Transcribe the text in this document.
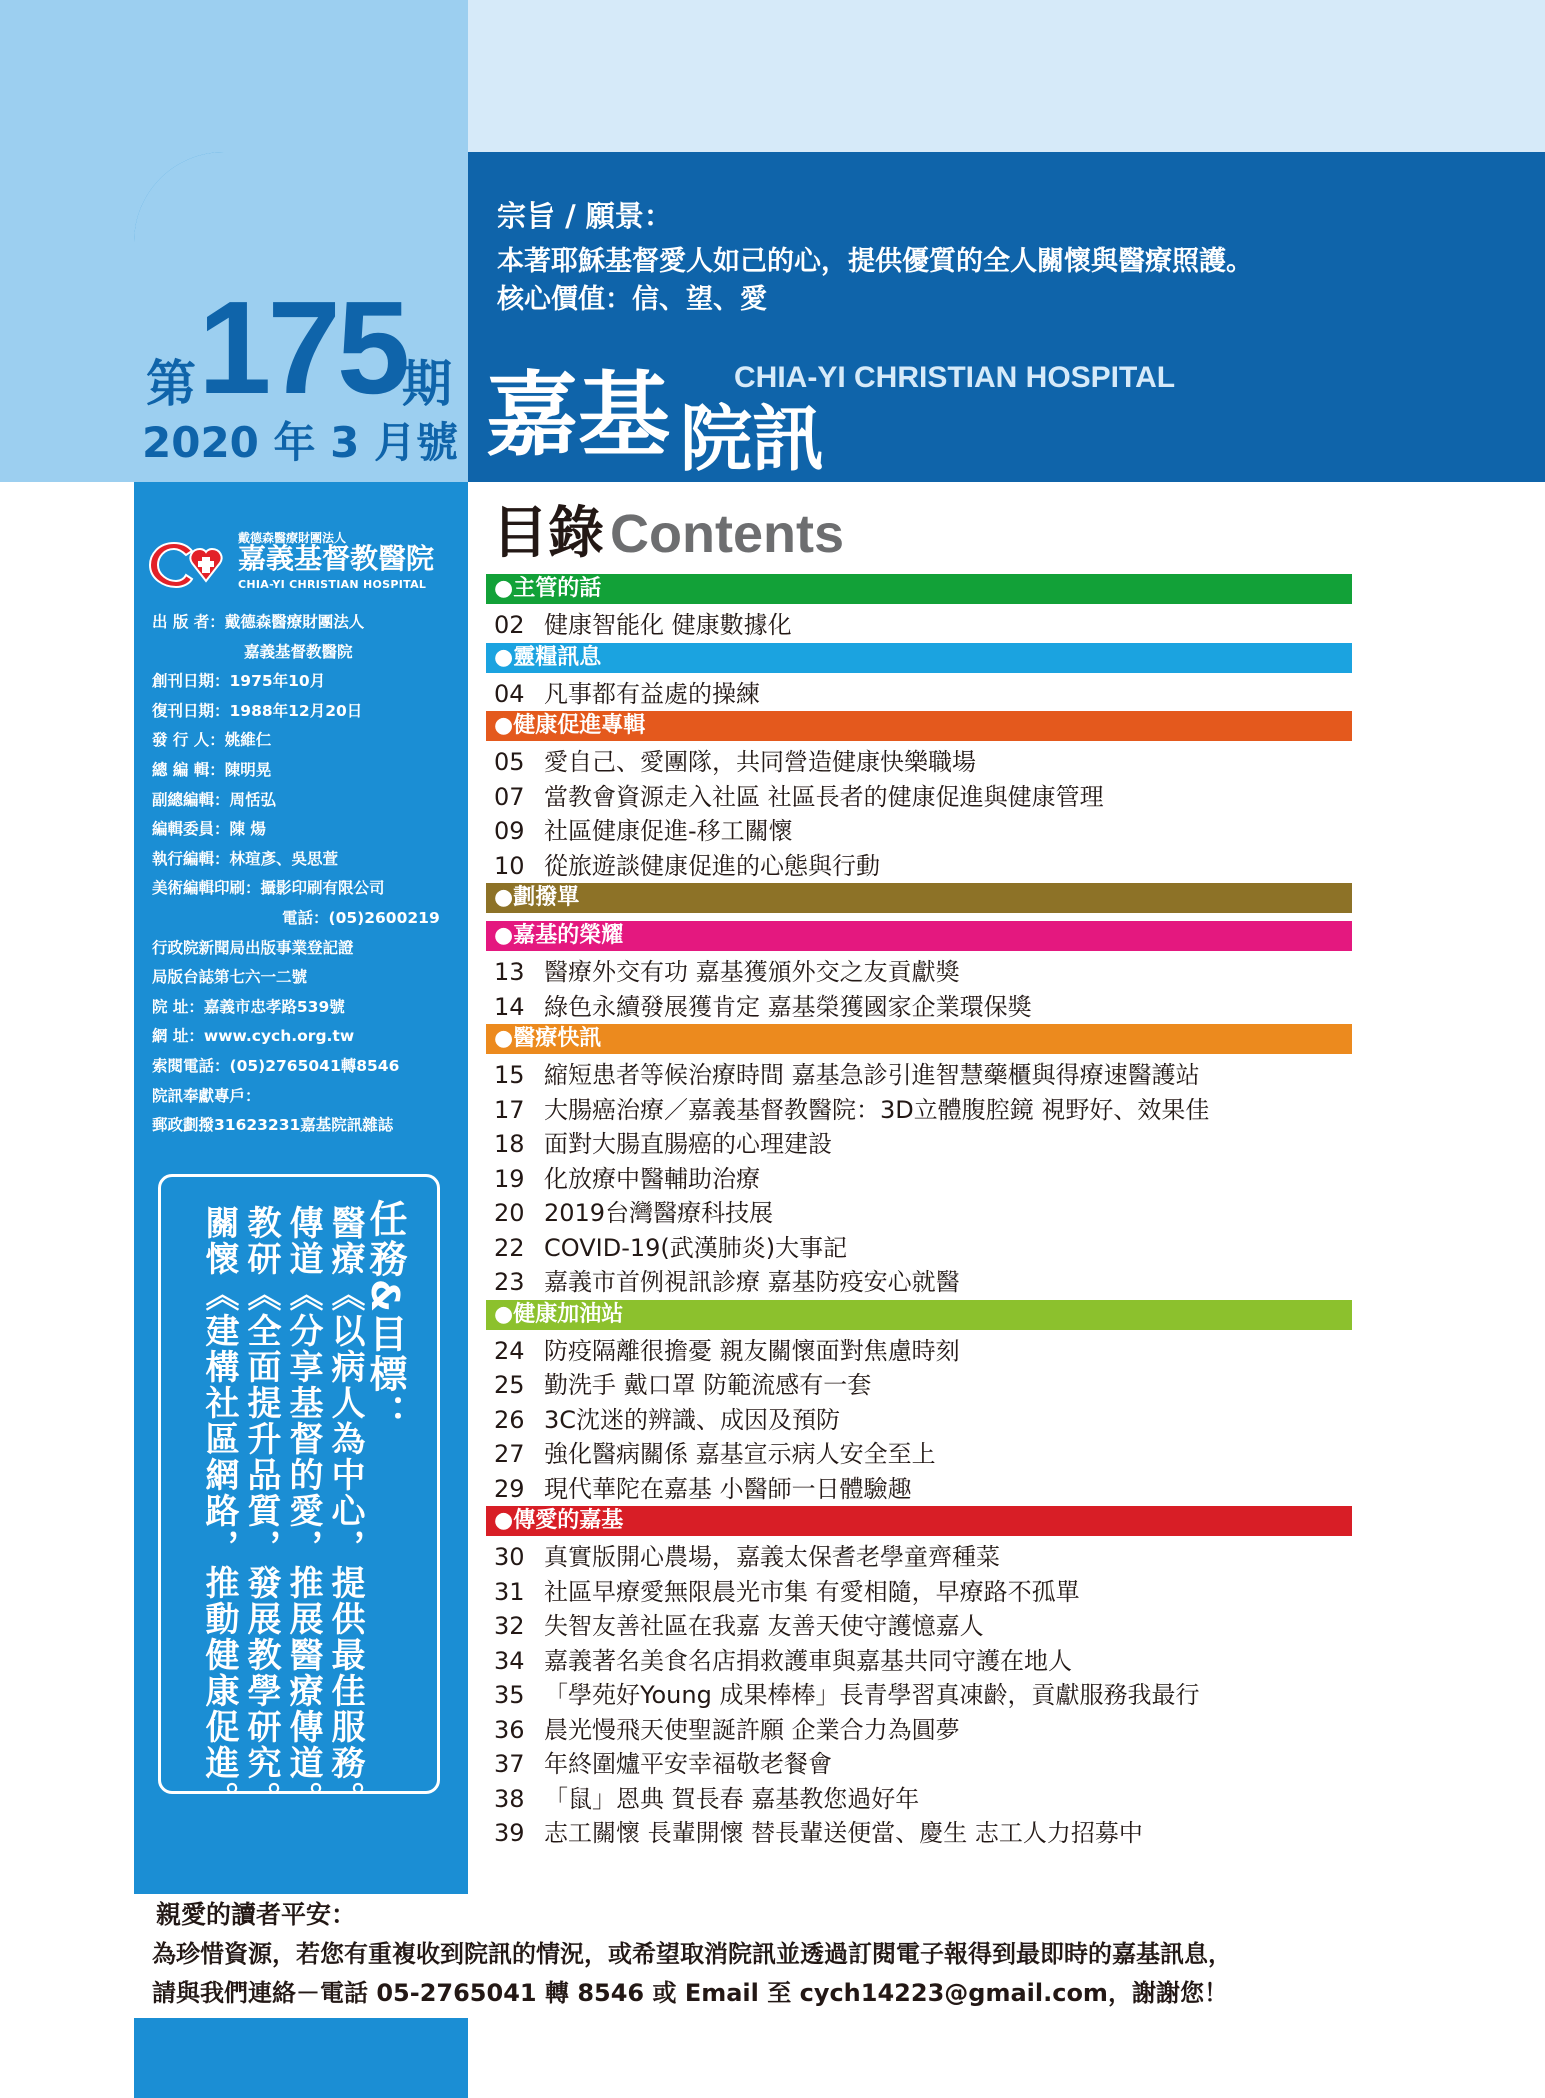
第 175
期
2020 年 3 月號
宗旨 / 願景：
本著耶穌基督愛人如己的心，提供優質的全人關懷與醫療照護。
核心價值：信、望、愛
嘉基 院訊
CHIA-YI CHRISTIAN HOSPITAL
戴德森醫療財團法人
嘉義基督教醫院
CHIA-YI CHRISTIAN HOSPITAL
出 版 者：戴德森醫療財團法人
嘉義基督教醫院
創刊日期：1975年10月
復刊日期：1988年12月20日
發 行 人：姚維仁
總 編 輯：陳明晃
副總編輯：周恬弘
編輯委員：陳 煬
執行編輯：林瑄彥、吳思萱
美術編輯印刷：攝影印刷有限公司
電話：(05)2600219
行政院新聞局出版事業登記證
局版台誌第七六一二號
院 址：嘉義市忠孝路539號
網 址：www.cych.org.tw
索閱電話：(05)2765041轉8546
院訊奉獻專戶：
郵政劃撥31623231嘉基院訊雜誌
任務&目標：
醫療︽以病人為中心，提供最佳服務。
傳道︽分享基督的愛，推展醫療傳道。
教研︽全面提升品質，發展教學研究。
關懷︽建構社區網路，推動健康促進。
目錄 Contents
●主管的話
02 健康智能化 健康數據化
●靈糧訊息
04 凡事都有益處的操練
●健康促進專輯
05 愛自己、愛團隊，共同營造健康快樂職場
07 當教會資源走入社區 社區長者的健康促進與健康管理
09 社區健康促進-移工關懷
10 從旅遊談健康促進的心態與行動
●劃撥單
●嘉基的榮耀
13 醫療外交有功 嘉基獲頒外交之友貢獻獎
14 綠色永續發展獲肯定 嘉基榮獲國家企業環保獎
●醫療快訊
15 縮短患者等候治療時間 嘉基急診引進智慧藥櫃與得療速醫護站
17 大腸癌治療／嘉義基督教醫院：3D立體腹腔鏡 視野好、效果佳
18 面對大腸直腸癌的心理建設
19 化放療中醫輔助治療
20 2019台灣醫療科技展
22 COVID-19(武漢肺炎)大事記
23 嘉義市首例視訊診療 嘉基防疫安心就醫
●健康加油站
24 防疫隔離很擔憂 親友關懷面對焦慮時刻
25 勤洗手 戴口罩 防範流感有一套
26 3C沈迷的辨識、成因及預防
27 強化醫病關係 嘉基宣示病人安全至上
29 現代華陀在嘉基 小醫師一日體驗趣
●傳愛的嘉基
30 真實版開心農場，嘉義太保耆老學童齊種菜
31 社區早療愛無限晨光市集 有愛相隨，早療路不孤單
32 失智友善社區在我嘉 友善天使守護憶嘉人
34 嘉義著名美食名店捐救護車與嘉基共同守護在地人
35 「學苑好Young 成果棒棒」長青學習真凍齡，貢獻服務我最行
36 晨光慢飛天使聖誕許願 企業合力為圓夢
37 年終圍爐平安幸福敬老餐會
38 「鼠」恩典 賀長春 嘉基教您過好年
39 志工關懷 長輩開懷 替長輩送便當、慶生 志工人力招募中
親愛的讀者平安：
為珍惜資源，若您有重複收到院訊的情況，或希望取消院訊並透過訂閱電子報得到最即時的嘉基訊息，
請與我們連絡－電話 05-2765041 轉 8546 或 Email 至 cych14223@gmail.com，謝謝您！
